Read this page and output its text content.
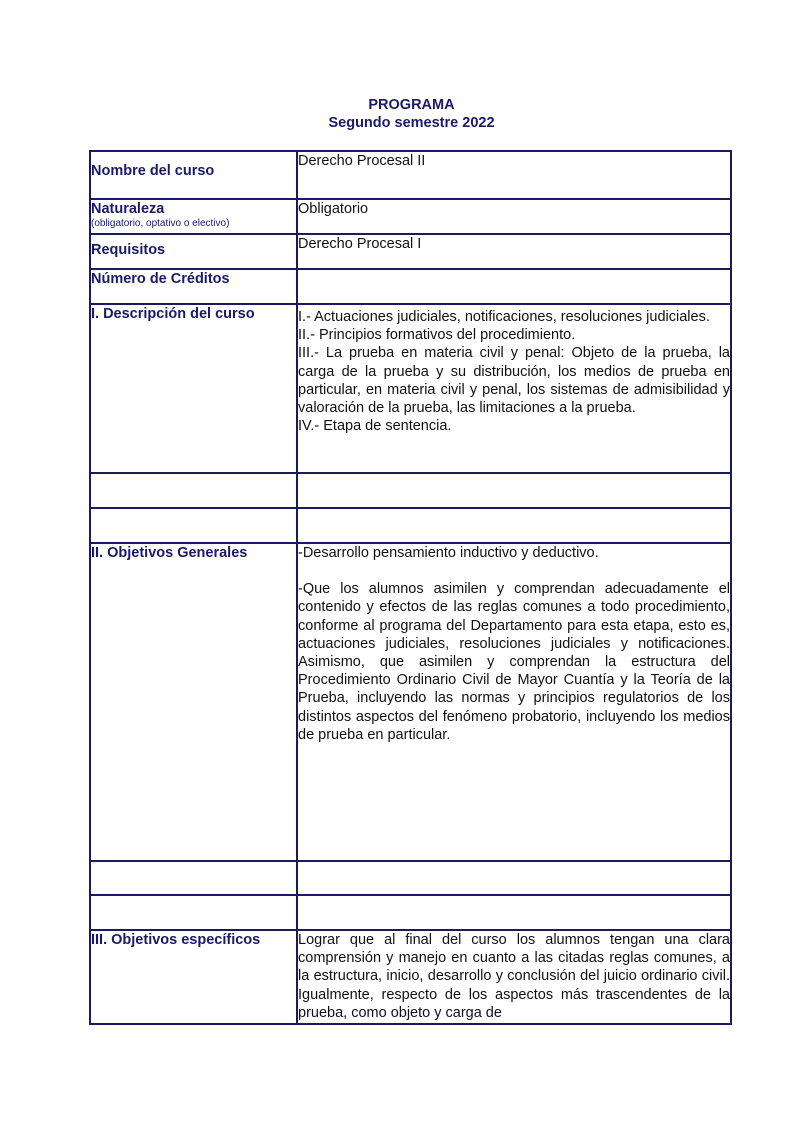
PROGRAMA
Segundo semestre 2022
Nombre del curso	Derecho Procesal II
Naturaleza
(obligatorio, optativo o electivo)	Obligatorio
Requisitos	Derecho Procesal I
Número de Créditos	
I. Descripción del curso	I.- Actuaciones judiciales, notificaciones, resoluciones judiciales.
II.- Principios formativos del procedimiento.
III.- La prueba en materia civil y penal: Objeto de la prueba, la carga de la prueba y su distribución, los medios de prueba en particular, en materia civil y penal, los sistemas de admisibilidad y valoración de la prueba, las limitaciones a la prueba.
IV.- Etapa de sentencia.

II. Objetivos Generales	-Desarrollo pensamiento inductivo y deductivo.
-Que los alumnos asimilen y comprendan adecuadamente el contenido y efectos de las reglas comunes a todo procedimiento, conforme al programa del Departamento para esta etapa, esto es, actuaciones judiciales, resoluciones judiciales y notificaciones. Asimismo, que asimilen y comprendan la estructura del Procedimiento Ordinario Civil de Mayor Cuantía y la Teoría de la Prueba, incluyendo las normas y principios regulatorios de los distintos aspectos del fenómeno probatorio, incluyendo los medios de prueba en particular.

III. Objetivos específicos	Lograr que al final del curso los alumnos tengan una clara comprensión y manejo en cuanto a las citadas reglas comunes, a la estructura, inicio, desarrollo y conclusión del juicio ordinario civil. Igualmente, respecto de los aspectos más trascendentes de la prueba, como objeto y carga de
